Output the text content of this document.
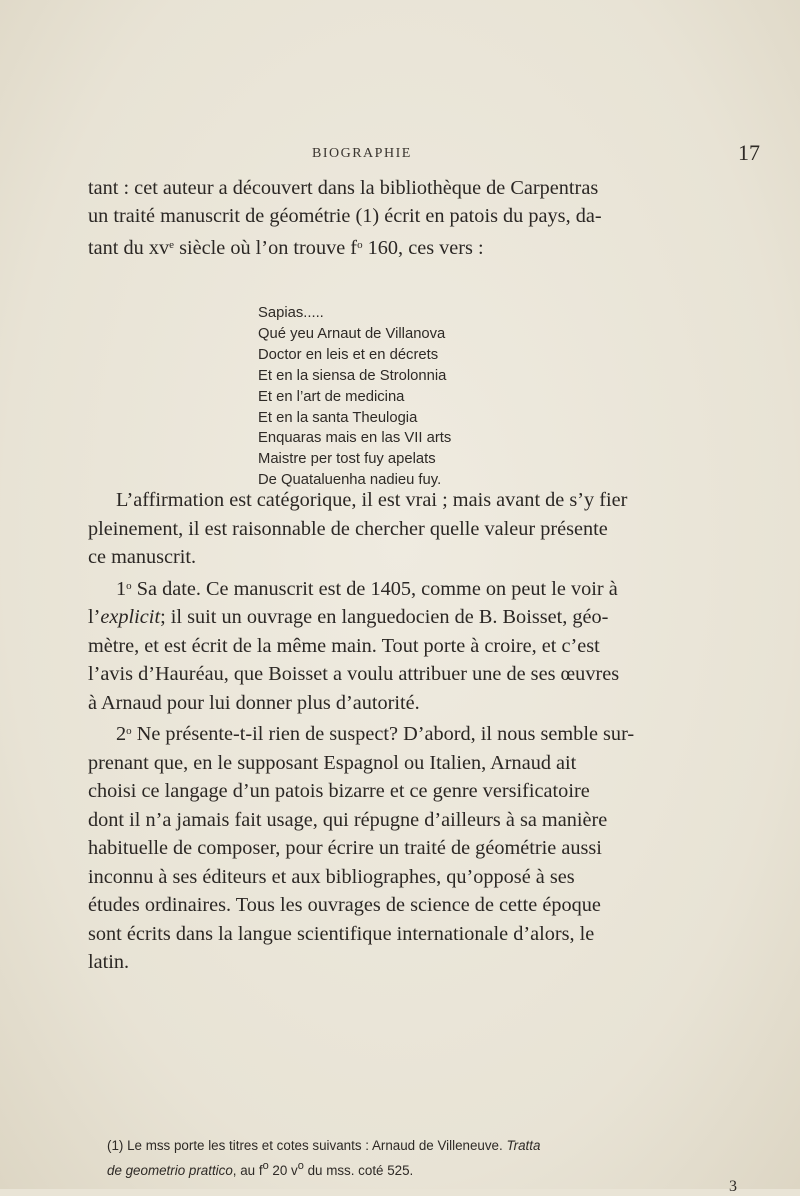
BIOGRAPHIE	17
tant : cet auteur a découvert dans la bibliothèque de Carpentras
un traité manuscrit de géométrie (1) écrit en patois du pays, da-
tant du $xv^e$ siècle où l’on trouve $f^o$ 160, ces vers :
Sapias.....
Qué yeu Arnaut de Villanova
Doctor en leis et en décrets
Et en la siensa de Strolonnia
Et en l’art de medicina
Et en la santa Theulogia
Enquaras mais en las VII arts
Maistre per tost fuy apelats
De Quataluenha nadieu fuy.
L’affirmation est catégorique, il est vrai ; mais avant de s’y fier
pleinement, il est raisonnable de chercher quelle valeur présente
ce manuscrit.
1$^o$ Sa date. Ce manuscrit est de 1405, comme on peut le voir à
l’explicit; il suit un ouvrage en languedocien de B. Boisset, géo-
mètre, et est écrit de la même main. Tout porte à croire, et c’est
l’avis d’Hauréau, que Boisset a voulu attribuer une de ses œuvres
à Arnaud pour lui donner plus d’autorité.
2$^o$ Ne présente-t-il rien de suspect? D’abord, il nous semble sur-
prenant que, en le supposant Espagnol ou Italien, Arnaud ait
choisi ce langage d’un patois bizarre et ce genre versificatoire
dont il n’a jamais fait usage, qui répugne d’ailleurs à sa manière
habituelle de composer, pour écrire un traité de géométrie aussi
inconnu à ses éditeurs et aux bibliographes, qu’opposé à ses
études ordinaires. Tous les ouvrages de science de cette époque
sont écrits dans la langue scientifique internationale d’alors, le
latin.
(1) Le mss porte les titres et cotes suivants : Arnaud de Villeneuve. Tratta
de geometrio prattico, au $f^o$ 20 $v^o$ du mss. coté 525.
3
